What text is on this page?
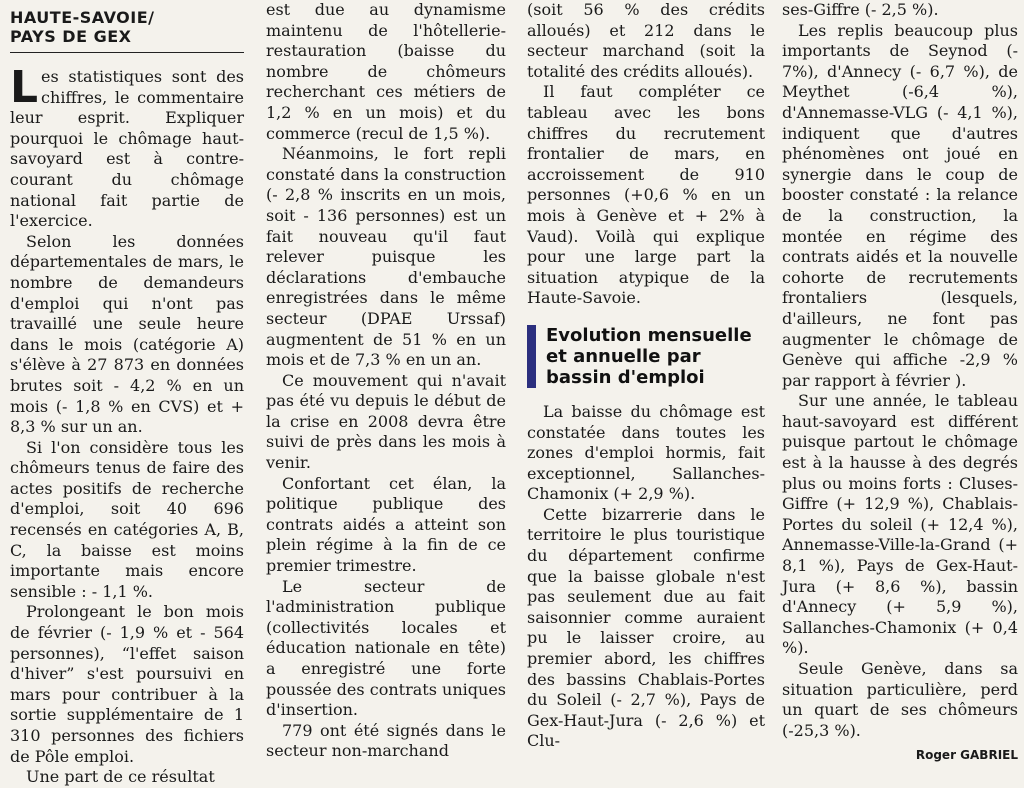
HAUTE-SAVOIE/
PAYS DE GEX

Les statistiques sont des chiffres, le commentaire leur esprit. Expliquer pourquoi le chômage haut-savoyard est à contre-courant du chômage national fait partie de l'exercice.

Selon les données départementales de mars, le nombre de demandeurs d'emploi qui n'ont pas travaillé une seule heure dans le mois (catégorie A) s'élève à 27 873 en données brutes soit - 4,2 % en un mois (- 1,8 % en CVS) et + 8,3 % sur un an.

Si l'on considère tous les chômeurs tenus de faire des actes positifs de recherche d'emploi, soit 40 696 recensés en catégories A, B, C, la baisse est moins importante mais encore sensible : - 1,1 %.

Prolongeant le bon mois de février (- 1,9 % et - 564 personnes), “l'effet saison d'hiver” s'est poursuivi en mars pour contribuer à la sortie supplémentaire de 1 310 personnes des fichiers de Pôle emploi.

Une part de ce résultat

est due au dynamisme maintenu de l'hôtellerie-restauration (baisse du nombre de chômeurs recherchant ces métiers de 1,2 % en un mois) et du commerce (recul de 1,5 %).

Néanmoins, le fort repli constaté dans la construction (- 2,8 % inscrits en un mois, soit - 136 personnes) est un fait nouveau qu'il faut relever puisque les déclarations d'embauche enregistrées dans le même secteur (DPAE Urssaf) augmentent de 51 % en un mois et de 7,3 % en un an.

Ce mouvement qui n'avait pas été vu depuis le début de la crise en 2008 devra être suivi de près dans les mois à venir.

Confortant cet élan, la politique publique des contrats aidés a atteint son plein régime à la fin de ce premier trimestre.

Le secteur de l'administration publique (collectivités locales et éducation nationale en tête) a enregistré une forte poussée des contrats uniques d'insertion.

779 ont été signés dans le secteur non-marchand

(soit 56 % des crédits alloués) et 212 dans le secteur marchand (soit la totalité des crédits alloués).

Il faut compléter ce tableau avec les bons chiffres du recrutement frontalier de mars, en accroissement de 910 personnes (+0,6 % en un mois à Genève et + 2% à Vaud). Voilà qui explique pour une large part la situation atypique de la Haute-Savoie.

Evolution mensuelle et annuelle par bassin d'emploi

La baisse du chômage est constatée dans toutes les zones d'emploi hormis, fait exceptionnel, Sallanches-Chamonix (+ 2,9 %).

Cette bizarrerie dans le territoire le plus touristique du département confirme que la baisse globale n'est pas seulement due au fait saisonnier comme auraient pu le laisser croire, au premier abord, les chiffres des bassins Chablais-Portes du Soleil (- 2,7 %), Pays de Gex-Haut-Jura (- 2,6 %) et Clu-

ses-Giffre (- 2,5 %).

Les replis beaucoup plus importants de Seynod (- 7%), d'Annecy (- 6,7 %), de Meythet (-6,4 %), d'Annemasse-VLG (- 4,1 %), indiquent que d'autres phénomènes ont joué en synergie dans le coup de booster constaté : la relance de la construction, la montée en régime des contrats aidés et la nouvelle cohorte de recrutements frontaliers (lesquels, d'ailleurs, ne font pas augmenter le chômage de Genève qui affiche -2,9 % par rapport à février ).

Sur une année, le tableau haut-savoyard est différent puisque partout le chômage est à la hausse à des degrés plus ou moins forts : Cluses-Giffre (+ 12,9 %), Chablais-Portes du soleil (+ 12,4 %), Annemasse-Ville-la-Grand (+ 8,1 %), Pays de Gex-Haut-Jura (+ 8,6 %), bassin d'Annecy (+ 5,9 %), Sallanches-Chamonix (+ 0,4 %).

Seule Genève, dans sa situation particulière, perd un quart de ses chômeurs (-25,3 %).

Roger GABRIEL
